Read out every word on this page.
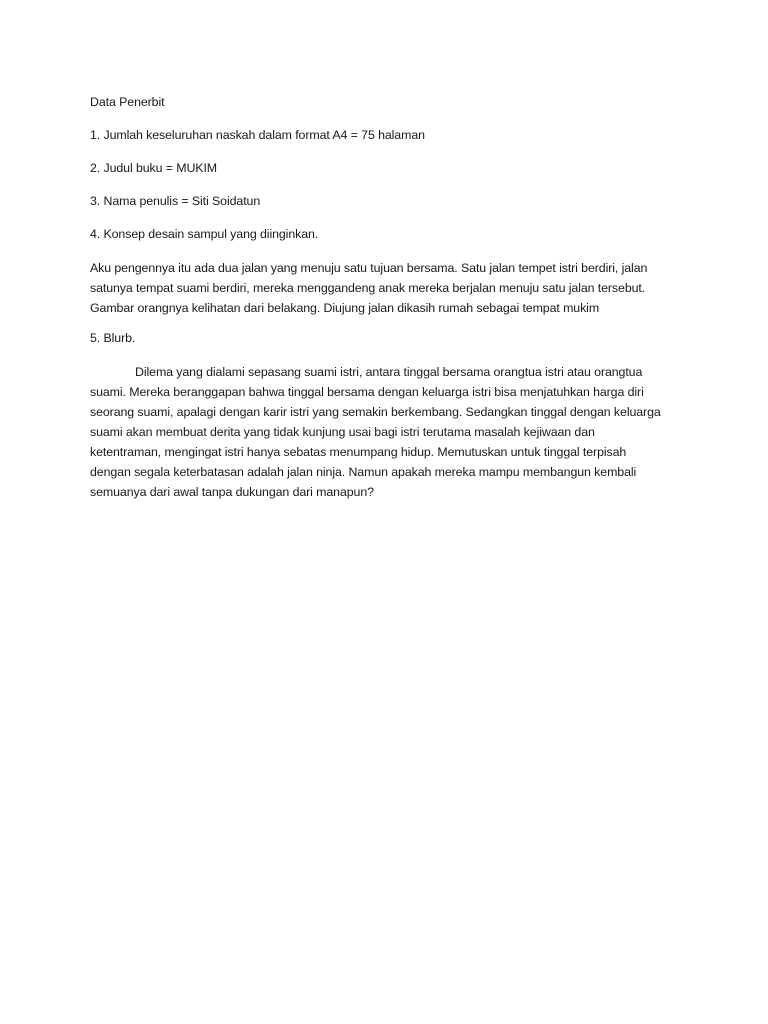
Data Penerbit
1. Jumlah keseluruhan naskah dalam format A4 = 75 halaman
2. Judul buku = MUKIM
3. Nama penulis = Siti Soidatun
4. Konsep desain sampul yang diinginkan.
Aku pengennya itu ada dua jalan yang menuju satu tujuan bersama. Satu jalan tempet istri berdiri, jalan
satunya tempat suami berdiri, mereka menggandeng anak mereka berjalan menuju satu jalan tersebut.
Gambar orangnya kelihatan dari belakang. Diujung jalan dikasih rumah sebagai tempat mukim
5. Blurb.
Dilema yang dialami sepasang suami istri, antara tinggal bersama orangtua istri atau orangtua
suami. Mereka beranggapan bahwa tinggal bersama dengan keluarga istri bisa menjatuhkan harga diri
seorang suami, apalagi dengan karir istri yang semakin berkembang. Sedangkan tinggal dengan keluarga
suami akan membuat derita yang tidak kunjung usai bagi istri terutama masalah kejiwaan dan
ketentraman, mengingat istri hanya sebatas menumpang hidup. Memutuskan untuk tinggal terpisah
dengan segala keterbatasan adalah jalan ninja. Namun apakah mereka mampu membangun kembali
semuanya dari awal tanpa dukungan dari manapun?
